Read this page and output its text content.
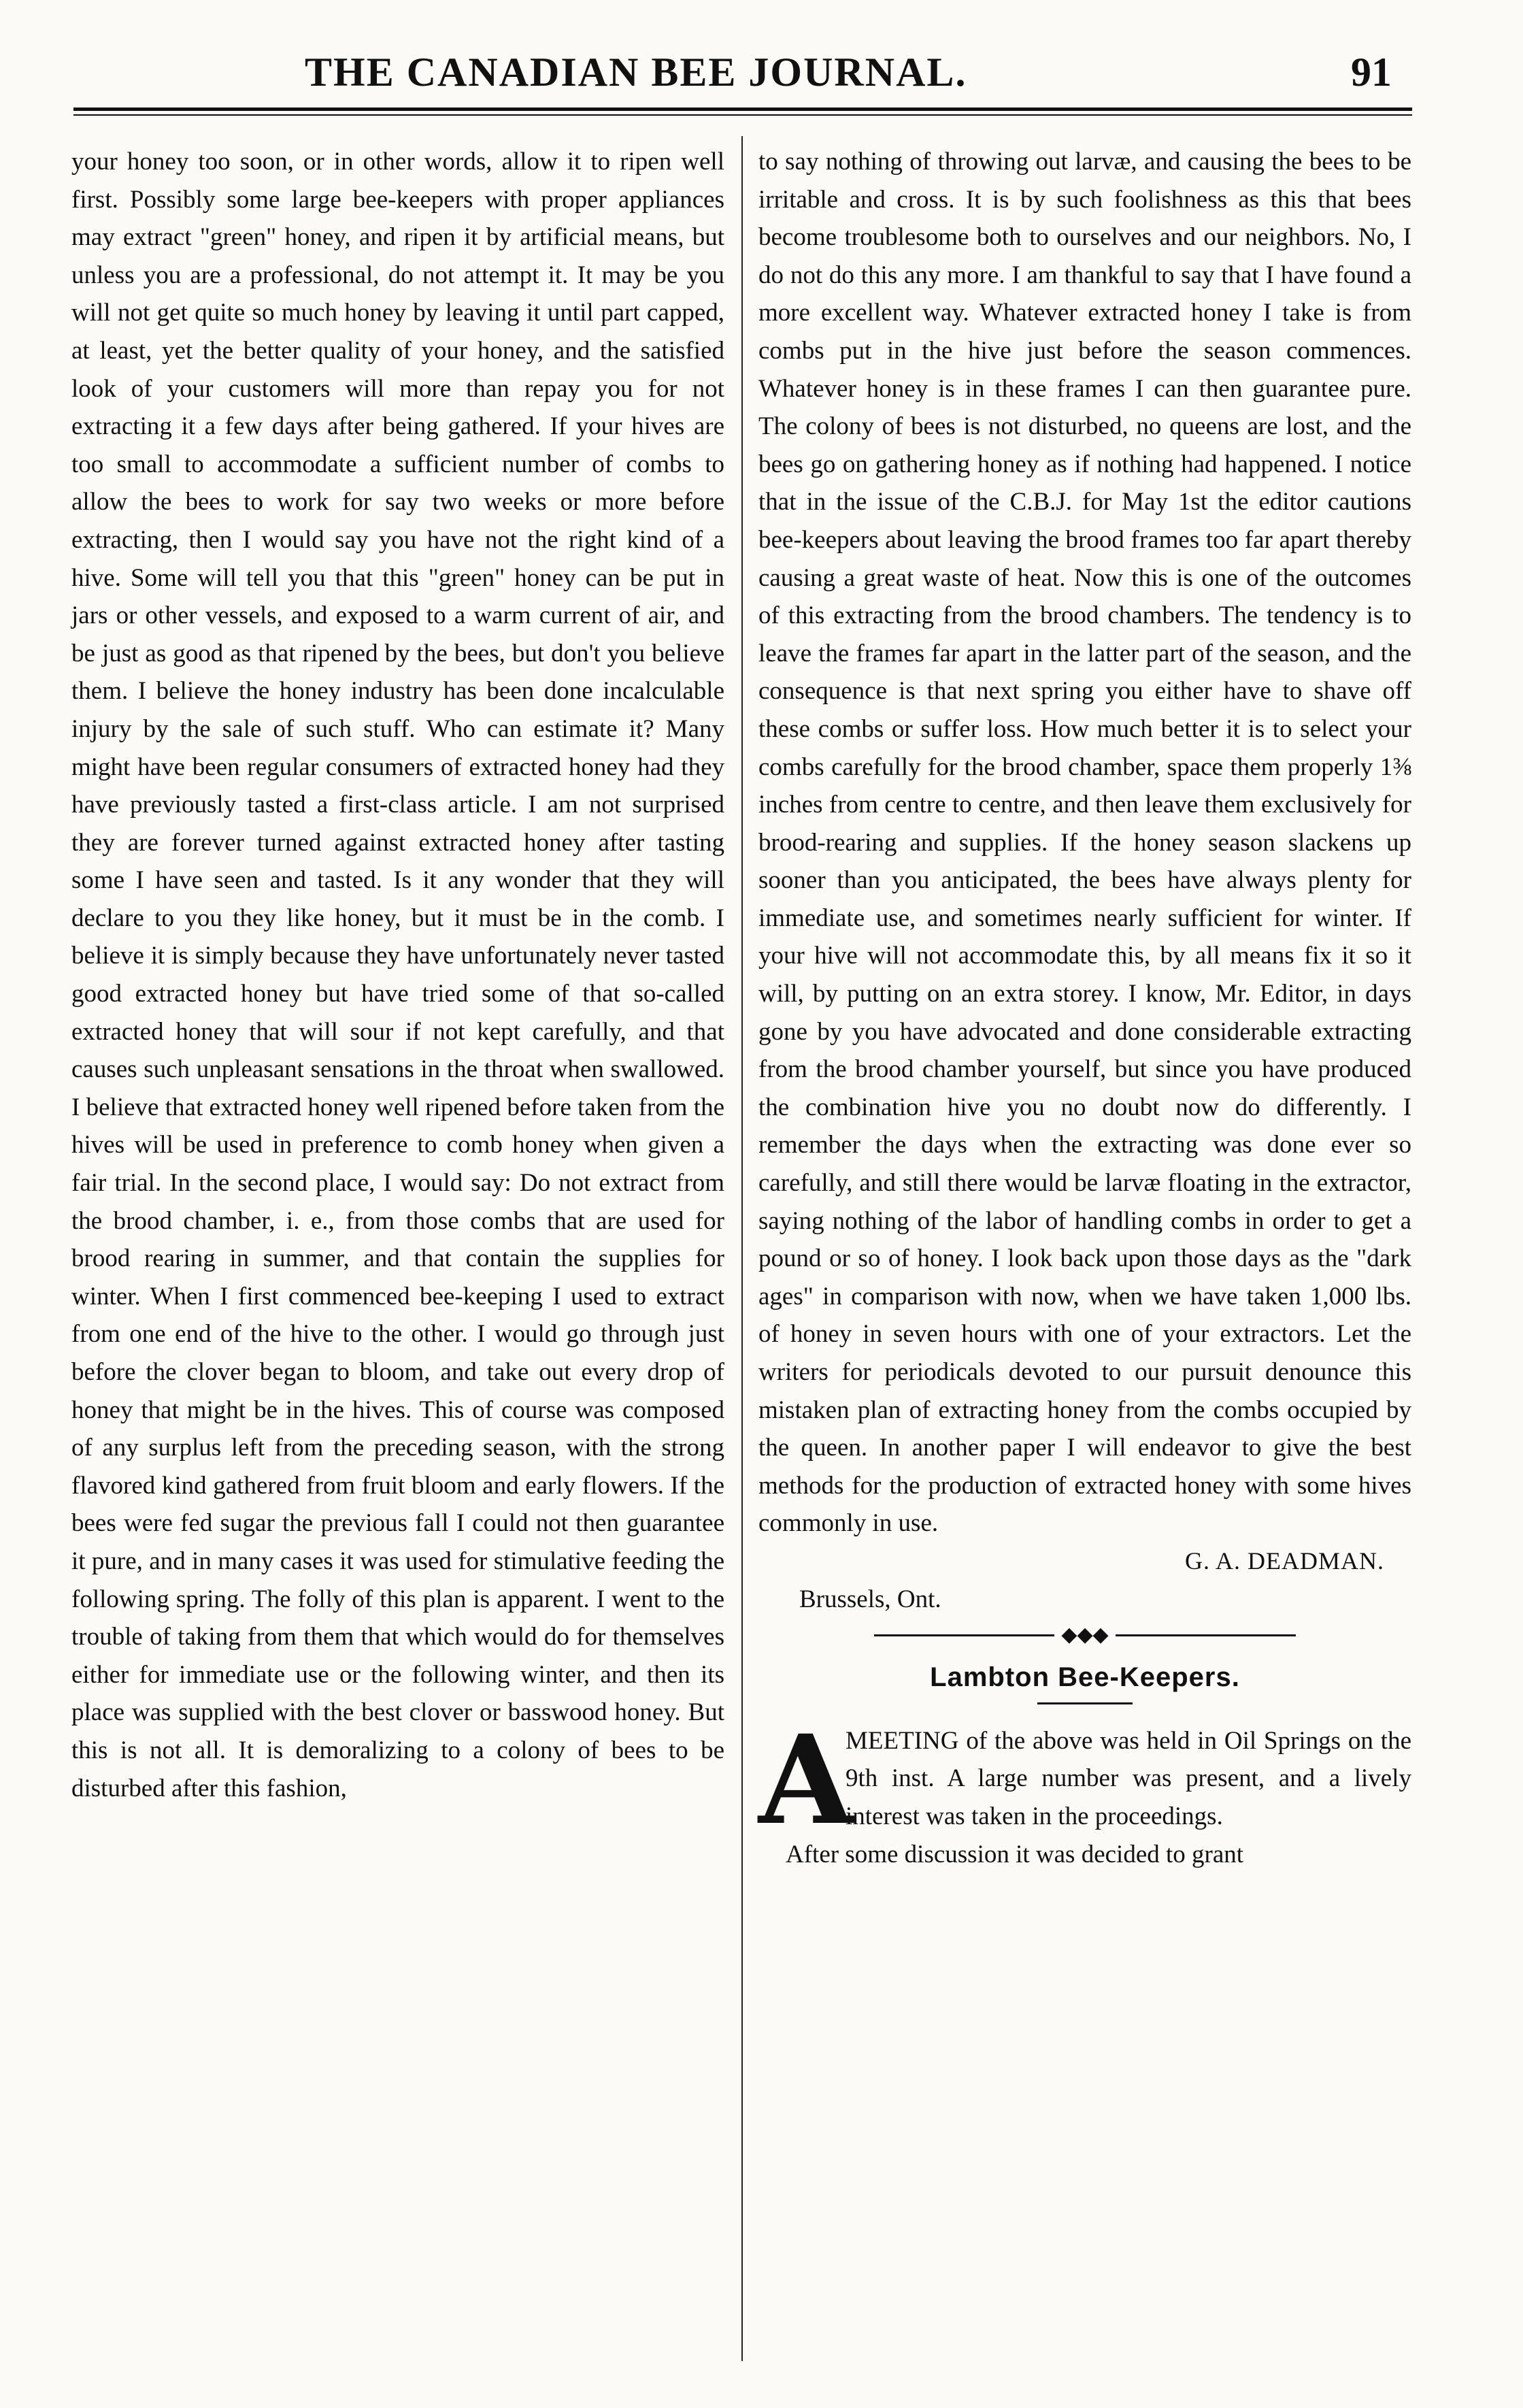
THE CANADIAN BEE JOURNAL.	91

your honey too soon, or in other words, allow it to ripen well first. Possibly some large bee-keepers with proper appliances may extract "green" honey, and ripen it by artificial means, but unless you are a professional, do not attempt it. It may be you will not get quite so much honey by leaving it until part capped, at least, yet the better quality of your honey, and the satisfied look of your customers will more than repay you for not extracting it a few days after being gathered. If your hives are too small to accommodate a sufficient number of combs to allow the bees to work for say two weeks or more before extracting, then I would say you have not the right kind of a hive. Some will tell you that this "green" honey can be put in jars or other vessels, and exposed to a warm current of air, and be just as good as that ripened by the bees, but don't you believe them. I believe the honey industry has been done incalculable injury by the sale of such stuff. Who can estimate it? Many might have been regular consumers of extracted honey had they have previously tasted a first-class article. I am not surprised they are forever turned against extracted honey after tasting some I have seen and tasted. Is it any wonder that they will declare to you they like honey, but it must be in the comb. I believe it is simply because they have unfortunately never tasted good extracted honey but have tried some of that so-called extracted honey that will sour if not kept carefully, and that causes such unpleasant sensations in the throat when swallowed. I believe that extracted honey well ripened before taken from the hives will be used in preference to comb honey when given a fair trial. In the second place, I would say: Do not extract from the brood chamber, i. e., from those combs that are used for brood rearing in summer, and that contain the supplies for winter. When I first commenced bee-keeping I used to extract from one end of the hive to the other. I would go through just before the clover began to bloom, and take out every drop of honey that might be in the hives. This of course was composed of any surplus left from the preceding season, with the strong flavored kind gathered from fruit bloom and early flowers. If the bees were fed sugar the previous fall I could not then guarantee it pure, and in many cases it was used for stimulative feeding the following spring. The folly of this plan is apparent. I went to the trouble of taking from them that which would do for themselves either for immediate use or the following winter, and then its place was supplied with the best clover or basswood honey. But this is not all. It is demoralizing to a colony of bees to be disturbed after this fashion,

to say nothing of throwing out larvæ, and causing the bees to be irritable and cross. It is by such foolishness as this that bees become troublesome both to ourselves and our neighbors. No, I do not do this any more. I am thankful to say that I have found a more excellent way. Whatever extracted honey I take is from combs put in the hive just before the season commences. Whatever honey is in these frames I can then guarantee pure. The colony of bees is not disturbed, no queens are lost, and the bees go on gathering honey as if nothing had happened. I notice that in the issue of the C.B.J. for May 1st the editor cautions bee-keepers about leaving the brood frames too far apart thereby causing a great waste of heat. Now this is one of the outcomes of this extracting from the brood chambers. The tendency is to leave the frames far apart in the latter part of the season, and the consequence is that next spring you either have to shave off these combs or suffer loss. How much better it is to select your combs carefully for the brood chamber, space them properly 1⅜ inches from centre to centre, and then leave them exclusively for brood-rearing and supplies. If the honey season slackens up sooner than you anticipated, the bees have always plenty for immediate use, and sometimes nearly sufficient for winter. If your hive will not accommodate this, by all means fix it so it will, by putting on an extra storey. I know, Mr. Editor, in days gone by you have advocated and done considerable extracting from the brood chamber yourself, but since you have produced the combination hive you no doubt now do differently. I remember the days when the extracting was done ever so carefully, and still there would be larvæ floating in the extractor, saying nothing of the labor of handling combs in order to get a pound or so of honey. I look back upon those days as the "dark ages" in comparison with now, when we have taken 1,000 lbs. of honey in seven hours with one of your extractors. Let the writers for periodicals devoted to our pursuit denounce this mistaken plan of extracting honey from the combs occupied by the queen. In another paper I will endeavor to give the best methods for the production of extracted honey with some hives commonly in use.

G. A. DEADMAN.
Brussels, Ont.
◆◆◆
Lambton Bee-Keepers.
A

MEETING of the above was held in Oil Springs on the 9th inst. A large number was present, and a lively interest was taken in the proceedings.

After some discussion it was decided to grant
